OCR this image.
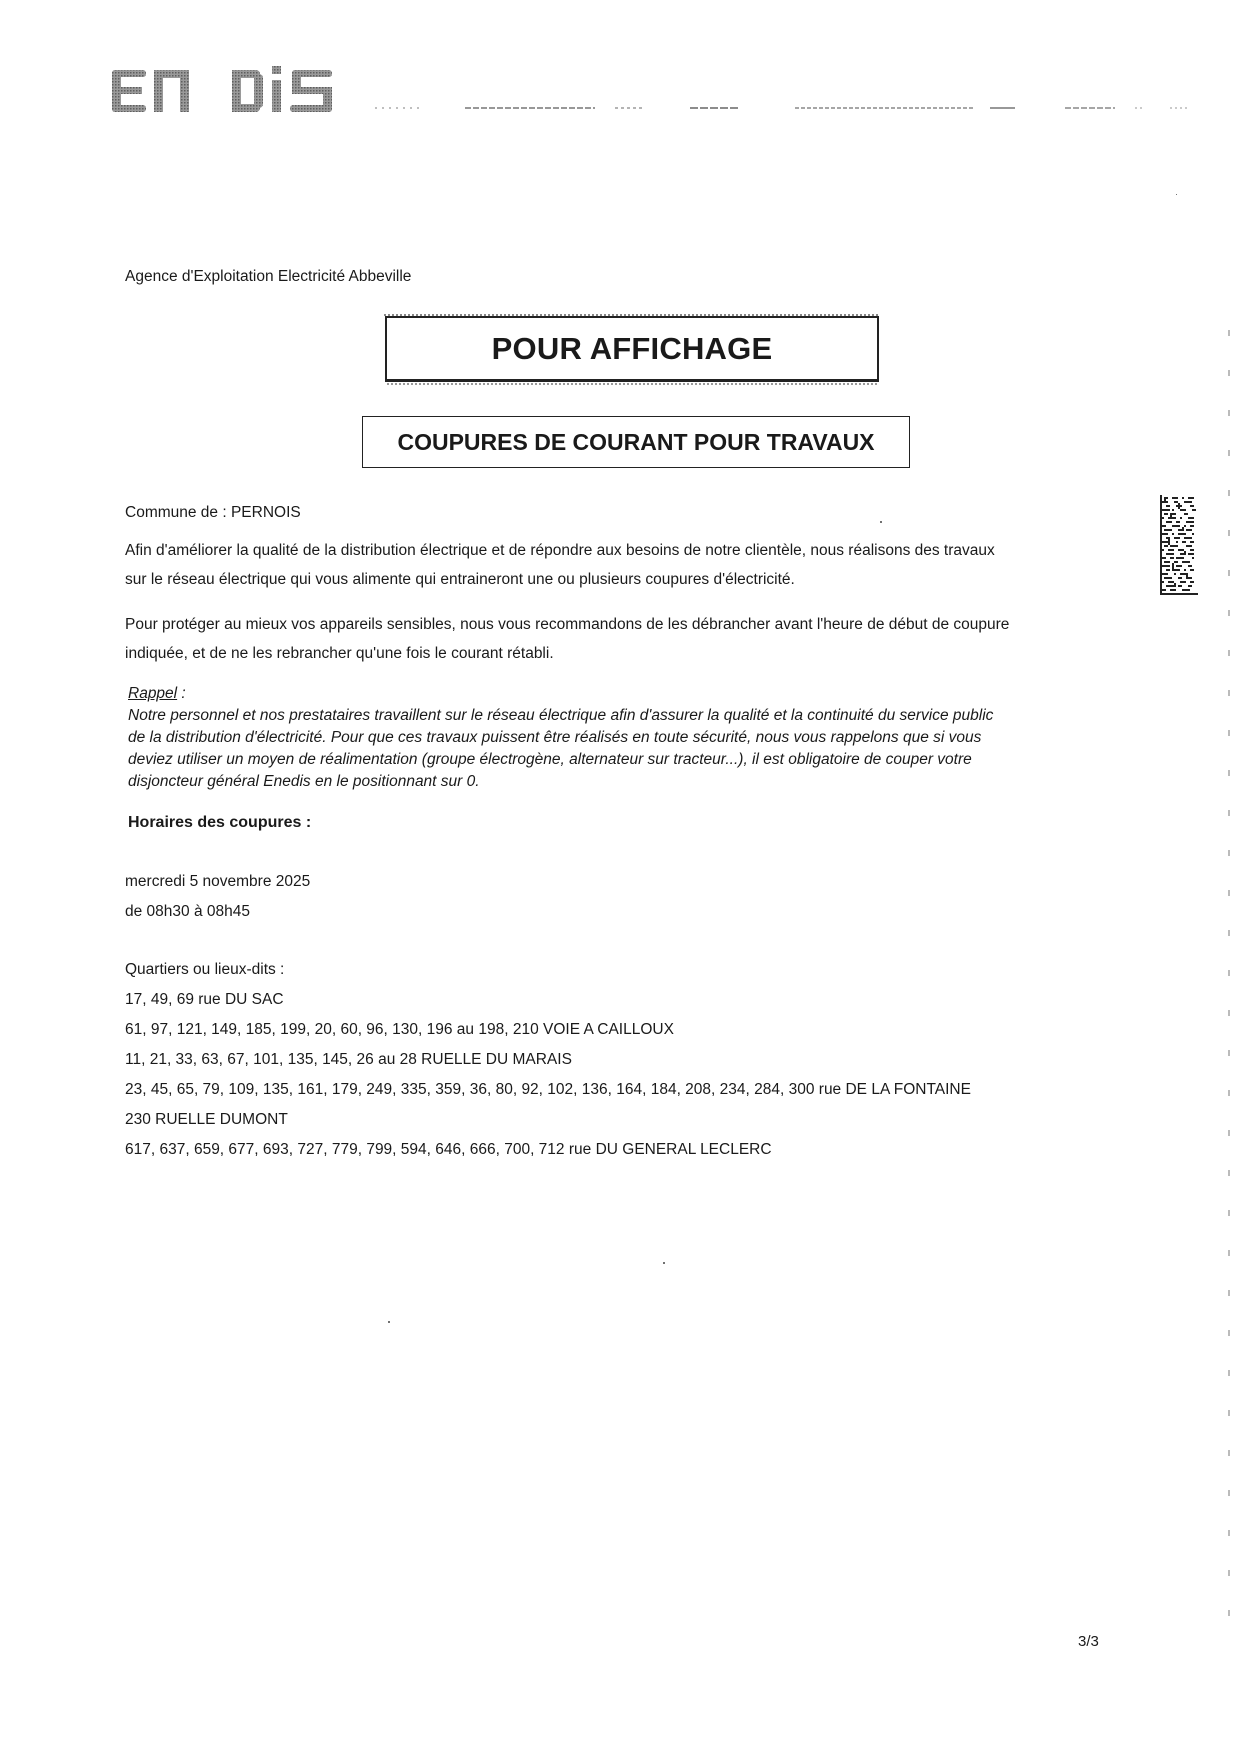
Agence d'Exploitation Electricité Abbeville
POUR AFFICHAGE
COUPURES DE COURANT POUR TRAVAUX
Commune de : PERNOIS
Afin d'améliorer la qualité de la distribution électrique et de répondre aux besoins de notre clientèle, nous réalisons des travaux
sur le réseau électrique qui vous alimente qui entraineront une ou plusieurs coupures d'électricité.
Pour protéger au mieux vos appareils sensibles, nous vous recommandons de les débrancher avant l'heure de début de coupure
indiquée, et de ne les rebrancher qu'une fois le courant rétabli.
Rappel :
Notre personnel et nos prestataires travaillent sur le réseau électrique afin d'assurer la qualité et la continuité du service public
de la distribution d'électricité. Pour que ces travaux puissent être réalisés en toute sécurité, nous vous rappelons que si vous
deviez utiliser un moyen de réalimentation (groupe électrogène, alternateur sur tracteur...), il est obligatoire de couper votre
disjoncteur général Enedis en le positionnant sur 0.
Horaires des coupures :
mercredi 5 novembre 2025
de 08h30 à 08h45
Quartiers ou lieux-dits :
17, 49, 69 rue DU SAC
61, 97, 121, 149, 185, 199, 20, 60, 96, 130, 196 au 198, 210 VOIE A CAILLOUX
11, 21, 33, 63, 67, 101, 135, 145, 26 au 28 RUELLE DU MARAIS
23, 45, 65, 79, 109, 135, 161, 179, 249, 335, 359, 36, 80, 92, 102, 136, 164, 184, 208, 234, 284, 300 rue DE LA FONTAINE
230 RUELLE DUMONT
617, 637, 659, 677, 693, 727, 779, 799, 594, 646, 666, 700, 712 rue DU GENERAL LECLERC
3/3
